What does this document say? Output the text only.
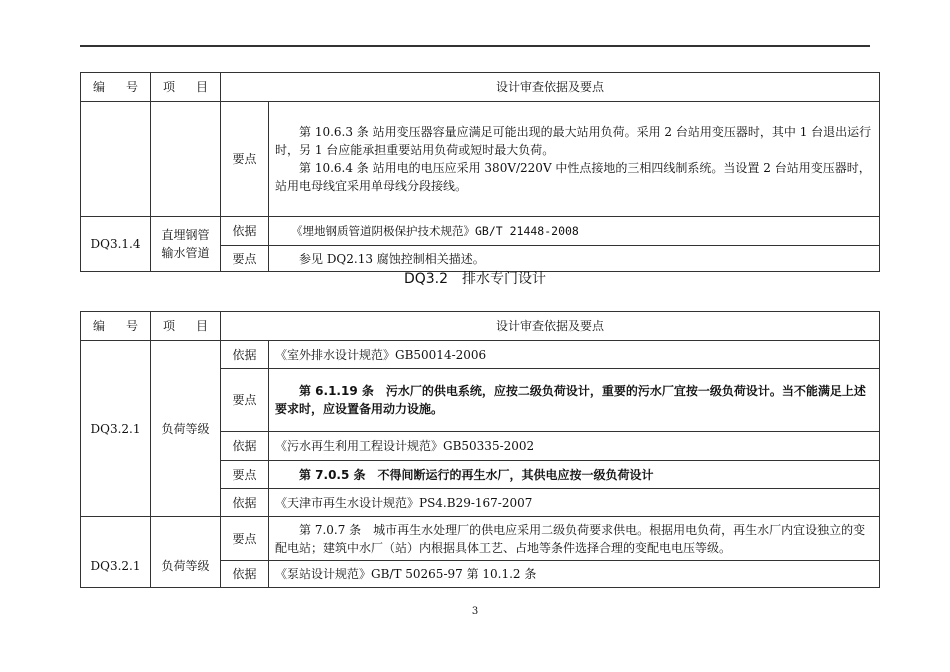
编 号	项 目	设计审查依据及要点	
		要点	第 10.6.3 条 站用变压器容量应满足可能出现的最大站用负荷。采用 2 台站用变压器时，其中 1 台退出运行时，另 1 台应能承担重要站用负荷或短时最大负荷。
第 10.6.4 条 站用电的电压应采用 380V/220V 中性点接地的三相四线制系统。当设置 2 台站用变压器时，站用电母线宜采用单母线分段接线。

DQ3.1.4	直埋钢管输水管道	依据	《埋地钢质管道阴极保护技术规范》GB/T 21448-2008
		要点	参见 DQ2.13 腐蚀控制相关描述。
DQ3.2　排水专门设计
编 号	项 目	设计审查依据及要点	
DQ3.2.1	负荷等级	依据	《室外排水设计规范》GB50014-2006
		要点	第 6.1.19 条　污水厂的供电系统，应按二级负荷设计，重要的污水厂宜按一级负荷设计。当不能满足上述要求时，应设置备用动力设施。
		依据	《污水再生利用工程设计规范》GB50335-2002
		要点	第 7.0.5 条　不得间断运行的再生水厂，其供电应按一级负荷设计
		依据	《天津市再生水设计规范》PS4.B29-167-2007
DQ3.2.1	负荷等级	要点	第 7.0.7 条　城市再生水处理厂的供电应采用二级负荷要求供电。根据用电负荷，再生水厂内宜设独立的变配电站；建筑中水厂（站）内根据具体工艺、占地等条件选择合理的变配电电压等级。
		依据	《泵站设计规范》GB/T 50265-97 第 10.1.2 条
3
